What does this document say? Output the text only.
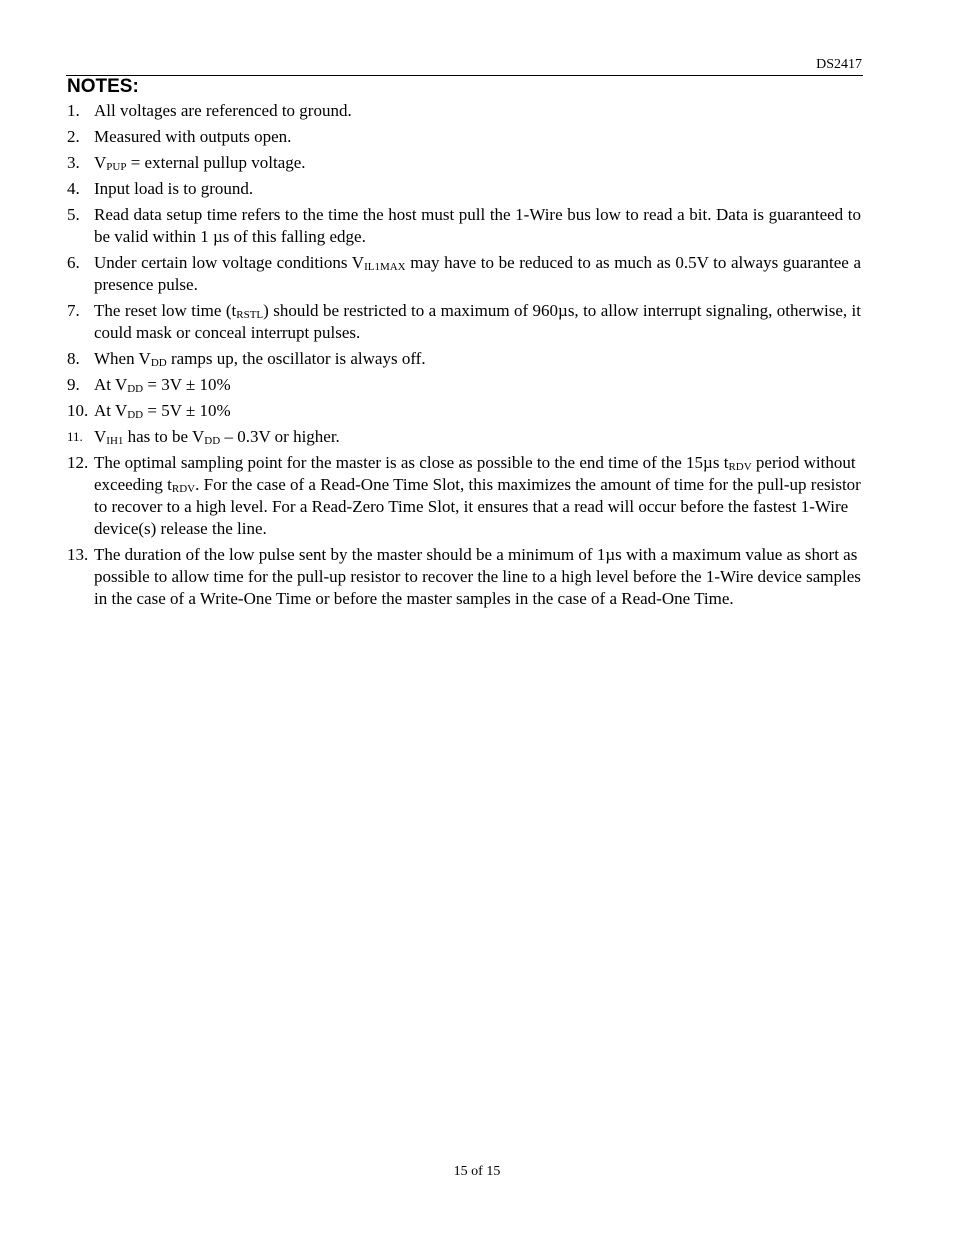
DS2417
NOTES:
1. All voltages are referenced to ground.
2. Measured with outputs open.
3. $V_{PUP}$ = external pullup voltage.
4. Input load is to ground.
5. Read data setup time refers to the time the host must pull the 1-Wire bus low to read a bit. Data is guaranteed to be valid within 1 µs of this falling edge.
6. Under certain low voltage conditions $V_{IL1MAX}$ may have to be reduced to as much as 0.5V to always guarantee a presence pulse.
7. The reset low time $(t_{RSTL})$ should be restricted to a maximum of 960µs, to allow interrupt signaling, otherwise, it could mask or conceal interrupt pulses.
8. When $V_{DD}$ ramps up, the oscillator is always off.
9. At $V_{DD} = 3V \pm 10\%$
10. At $V_{DD} = 5V \pm 10\%$
11. $V_{IH1}$ has to be $V_{DD} - 0.3V$ or higher.
12. The optimal sampling point for the master is as close as possible to the end time of the 15µs $t_{RDV}$ period without exceeding $t_{RDV}$. For the case of a Read-One Time Slot, this maximizes the amount of time for the pull-up resistor to recover to a high level. For a Read-Zero Time Slot, it ensures that a read will occur before the fastest 1-Wire device(s) release the line.
13. The duration of the low pulse sent by the master should be a minimum of 1µs with a maximum value as short as possible to allow time for the pull-up resistor to recover the line to a high level before the 1-Wire device samples in the case of a Write-One Time or before the master samples in the case of a Read-One Time.
15 of 15
